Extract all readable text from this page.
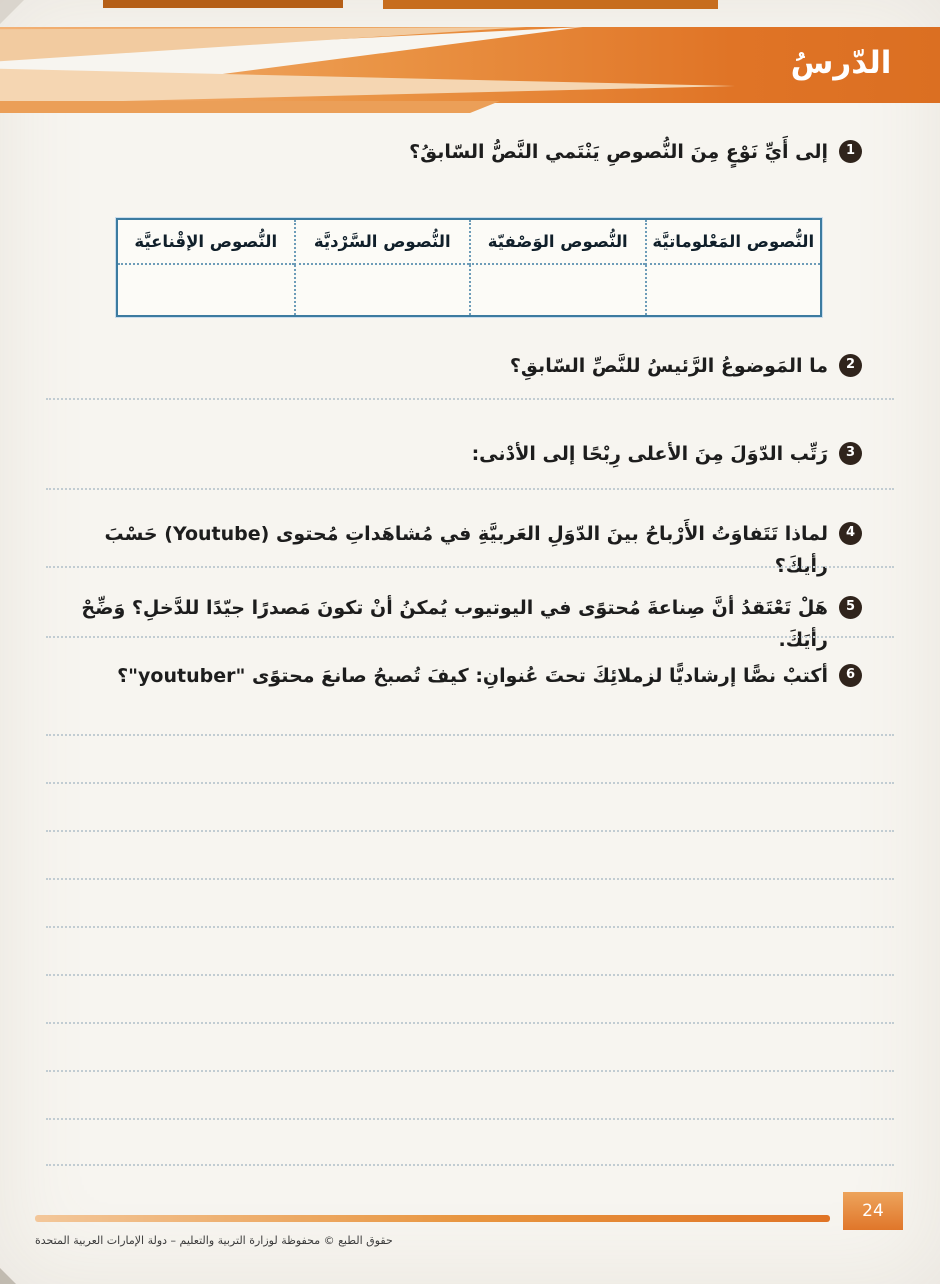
الدّرسُ
1
إلى أَيِّ نَوْعٍ مِنَ النُّصوصِ يَنْتَمي النَّصُّ السّابقُ؟
النُّصوص المَعْلوماتيَّة
النُّصوص الوَصْفيّة
النُّصوص السَّرْديَّة
النُّصوص الإقْناعيَّة
2
ما المَوضوعُ الرَّئيسُ للنَّصِّ السّابقِ؟
3
رَتِّب الدّوَلَ مِنَ الأعلى رِبْحًا إلى الأدْنى:
4
لماذا تَتَفاوَتُ الأَرْباحُ بينَ الدّوَلِ العَربيَّةِ في مُشاهَداتِ مُحتوى (Youtube) حَسْبَ رأيكَ؟
5
هَلْ تَعْتَقدُ أنَّ صِناعةَ مُحتوًى في اليوتيوب يُمكنُ أنْ تكونَ مَصدرًا جيّدًا للدَّخلِ؟ وَضِّحْ رأيَكَ.
6
أكتبْ نصًّا إرشاديًّا لزملائِكَ تحتَ عُنوانِ: كيفَ تُصبحُ صانعَ محتوًى "youtuber"؟
24
حقوق الطبع © محفوظة لوزارة التربية والتعليم – دولة الإمارات العربية المتحدة
